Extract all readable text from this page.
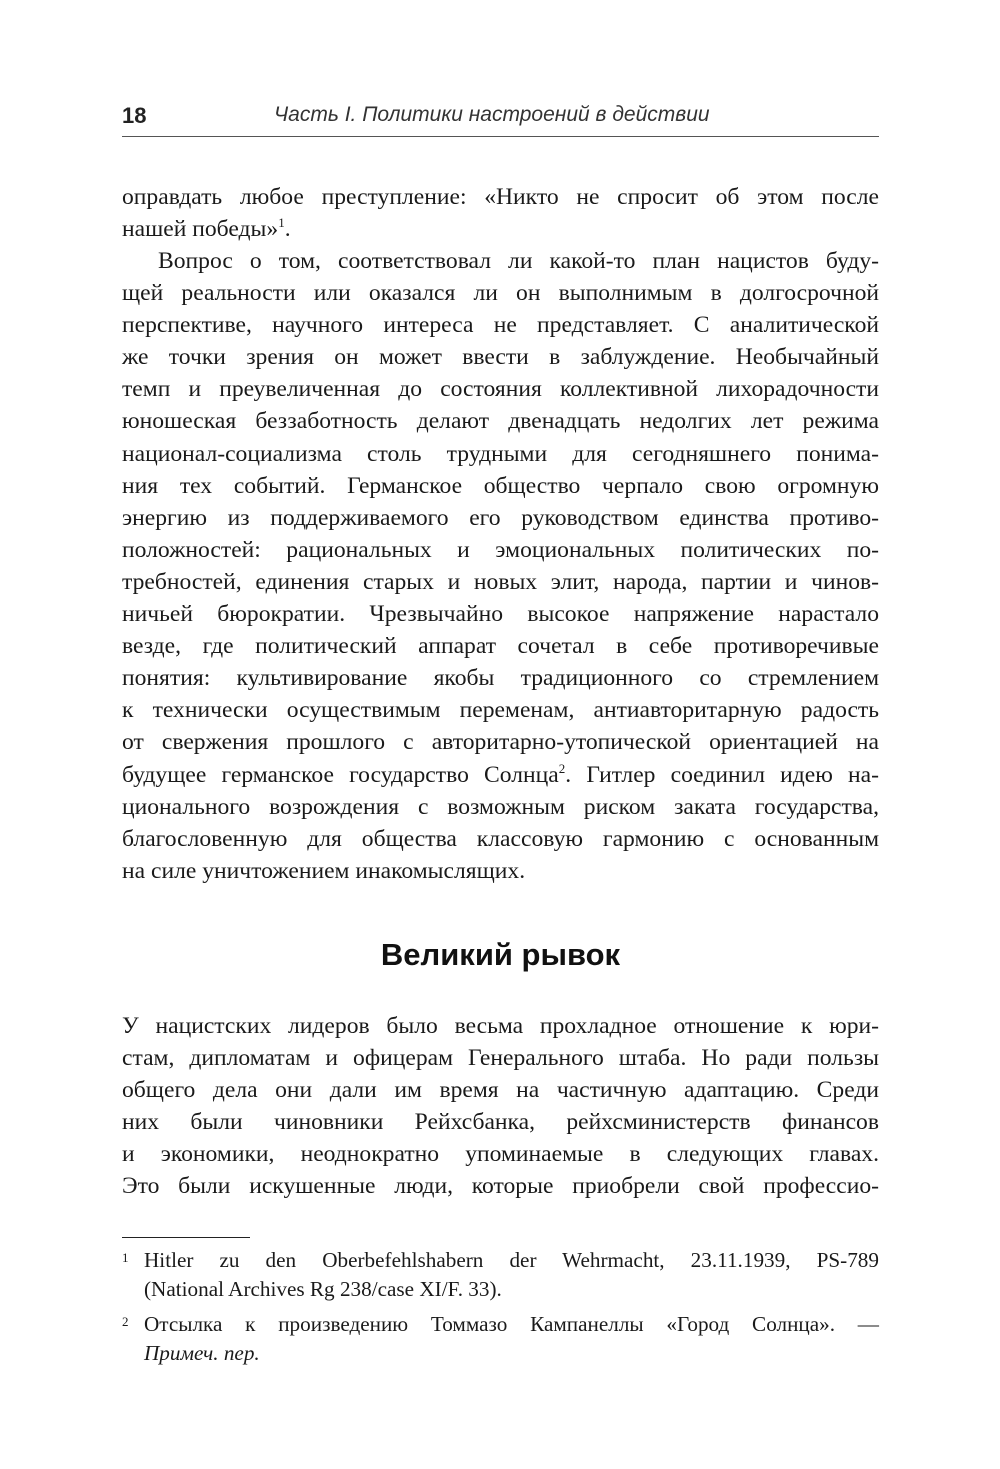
18	Часть I. Политики настроений в действии
оправдать любое преступление: «Никто не спросит об этом после
нашей победы»$^1$.
Вопрос о том, соответствовал ли какой-то план нацистов буду-
щей реальности или оказался ли он выполнимым в долгосрочной
перспективе, научного интереса не представляет. С аналитической
же точки зрения он может ввести в заблуждение. Необычайный
темп и преувеличенная до состояния коллективной лихорадочности
юношеская беззаботность делают двенадцать недолгих лет режима
национал-социализма столь трудными для сегодняшнего понима-
ния тех событий. Германское общество черпало свою огромную
энергию из поддерживаемого его руководством единства противо-
положностей: рациональных и эмоциональных политических по-
требностей, единения старых и новых элит, народа, партии и чинов-
ничьей бюрократии. Чрезвычайно высокое напряжение нарастало
везде, где политический аппарат сочетал в себе противоречивые
понятия: культивирование якобы традиционного со стремлением
к технически осуществимым переменам, антиавторитарную радость
от свержения прошлого с авторитарно-утопической ориентацией на
будущее германское государство Солнца$^2$. Гитлер соединил идею на-
ционального возрождения с возможным риском заката государства,
благословенную для общества классовую гармонию с основанным
на силе уничтожением инакомыслящих.
Великий рывок
У нацистских лидеров было весьма прохладное отношение к юри-
стам, дипломатам и офицерам Генерального штаба. Но ради пользы
общего дела они дали им время на частичную адаптацию. Среди
них были чиновники Рейхсбанка, рейхсминистерств финансов
и экономики, неоднократно упоминаемые в следующих главах.
Это были искушенные люди, которые приобрели свой профессио-
1 Hitler zu den Oberbefehlshabern der Wehrmacht, 23.11.1939, PS-789
(National Archives Rg 238/case XI/F. 33).
2 Отсылка к произведению Томмазо Кампанеллы «Город Солнца». —
Примеч. пер.
